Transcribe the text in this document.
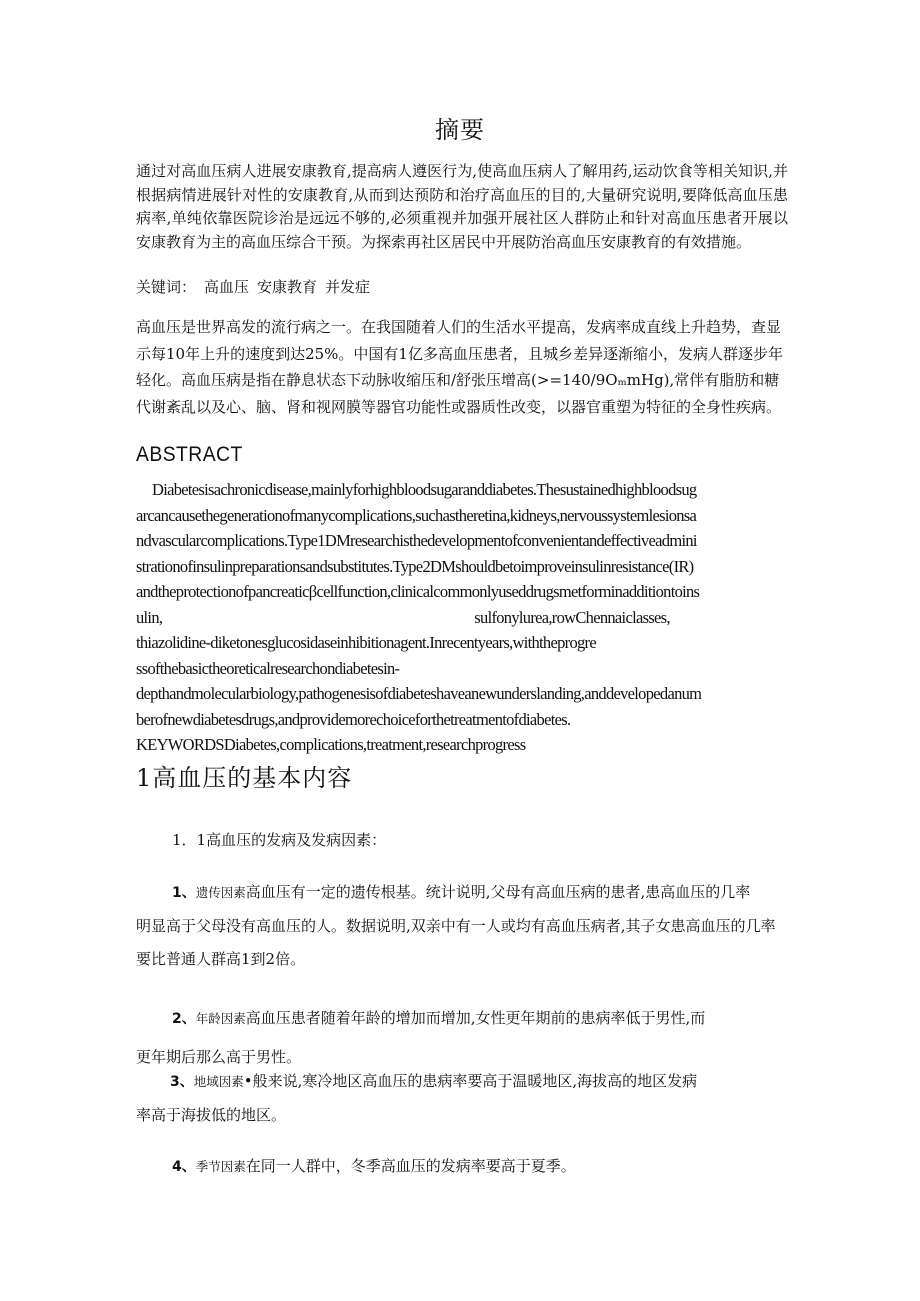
摘要
通过对高血压病人进展安康教育,提高病人遵医行为,使高血压病人了解用药,运动饮食等相关知识,并根据病情进展针对性的安康教育,从而到达预防和治疗高血压的目的,大量研究说明,要降低高血压患病率,单纯依靠医院诊治是远远不够的,必须重视并加强开展社区人群防止和针对高血压患者开展以安康教育为主的高血压综合干预。为探索再社区居民中开展防治高血压安康教育的有效措施。
关键词： 高血压 安康教育 并发症
高血压是世界高发的流行病之一。在我国随着人们的生活水平提高，发病率成直线上升趋势，查显示每10年上升的速度到达25%。中国有1亿多高血压患者，且城乡差异逐渐缩小，发病人群逐步年轻化。高血压病是指在静息状态下动脉收缩压和/舒张压增高(>=140/9OₘmHg),常伴有脂肪和糖代谢紊乱以及心、脑、肾和视网膜等器官功能性或器质性改变，以器官重塑为特征的全身性疾病。
ABSTRACT
Diabetesisachronicdisease,mainlyforhighbloodsugaranddiabetes.Thesustainedhighbloodsug
arcancausethegenerationofmanycomplications,suchastheretina,kidneys,nervoussystemlesionsa
ndvascularcomplications.Type1DMresearchisthedevelopmentofconvenientandeffectiveadmini
strationofinsulinpreparationsandsubstitutes.Type2DMshouldbetoimproveinsulinresistance(IR)
andtheprotectionofpancreaticβcellfunction,clinicalcommonlyuseddrugsmetforminadditiontoins
ulin,	sulfonylurea,rowChennaiclasses,
thiazolidine-diketonesglucosidaseinhibitionagent.Inrecentyears,withtheprogre
ssofthebasictheoreticalresearchondiabetesin-
depthandmolecularbiology,pathogenesisofdiabeteshaveanewunderslanding,anddevelopedanum
berofnewdiabetesdrugs,andprovidemorechoiceforthetreatmentofdiabetes.
KEYWORDSDiabetes,complications,treatment,researchprogress
1高血压的基本内容
1．1高血压的发病及发病因素：
1、遗传因素高血压有一定的遗传根基。统计说明,父母有高血压病的患者,患高血压的几率
明显高于父母没有高血压的人。数据说明,双亲中有一人或均有高血压病者,其子女患高血压的几率要比普通人群高1到2倍。
2、年龄因素高血压患者随着年龄的增加而增加,女性更年期前的患病率低于男性,而
更年期后那么高于男性。
3、地域因素•般来说,寒冷地区高血压的患病率要高于温暖地区,海拔高的地区发病
率高于海拔低的地区。
4、季节因素在同一人群中，冬季高血压的发病率要高于夏季。
